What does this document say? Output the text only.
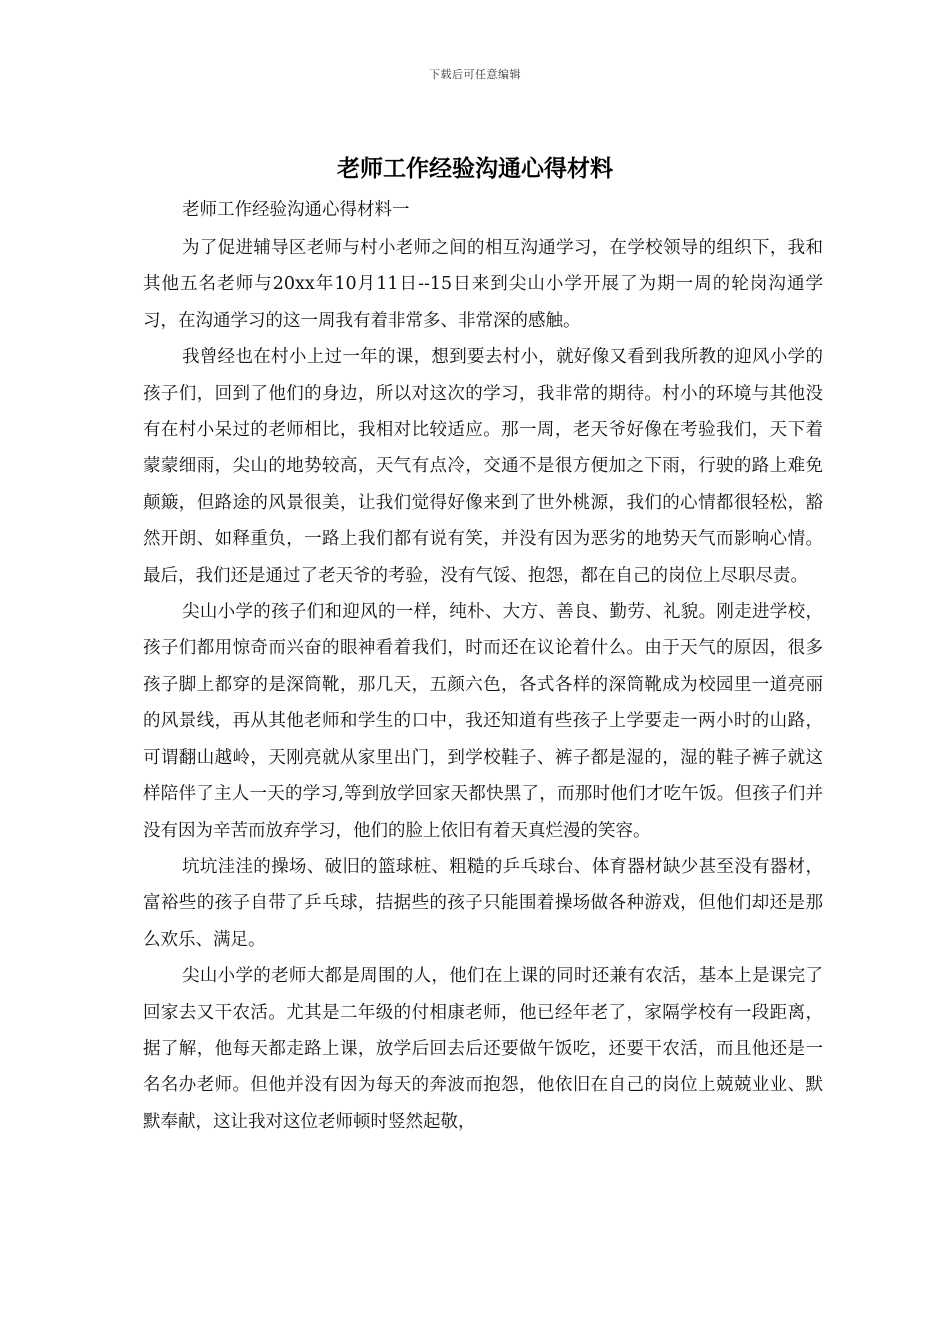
下载后可任意编辑
老师工作经验沟通心得材料
老师工作经验沟通心得材料一

为了促进辅导区老师与村小老师之间的相互沟通学习，在学校领导的组织下，我和其他五名老师与20xx年10月11日--15日来到尖山小学开展了为期一周的轮岗沟通学习，在沟通学习的这一周我有着非常多、非常深的感触。

我曾经也在村小上过一年的课，想到要去村小，就好像又看到我所教的迎风小学的孩子们，回到了他们的身边，所以对这次的学习，我非常的期待。村小的环境与其他没有在村小呆过的老师相比，我相对比较适应。那一周，老天爷好像在考验我们，天下着蒙蒙细雨，尖山的地势较高，天气有点冷，交通不是很方便加之下雨，行驶的路上难免颠簸，但路途的风景很美，让我们觉得好像来到了世外桃源，我们的心情都很轻松，豁然开朗、如释重负，一路上我们都有说有笑，并没有因为恶劣的地势天气而影响心情。最后，我们还是通过了老天爷的考验，没有气馁、抱怨，都在自己的岗位上尽职尽责。

尖山小学的孩子们和迎风的一样，纯朴、大方、善良、勤劳、礼貌。刚走进学校，孩子们都用惊奇而兴奋的眼神看着我们，时而还在议论着什么。由于天气的原因，很多孩子脚上都穿的是深筒靴，那几天，五颜六色，各式各样的深筒靴成为校园里一道亮丽的风景线，再从其他老师和学生的口中，我还知道有些孩子上学要走一两小时的山路，可谓翻山越岭，天刚亮就从家里出门，到学校鞋子、裤子都是湿的，湿的鞋子裤子就这样陪伴了主人一天的学习,等到放学回家天都快黑了，而那时他们才吃午饭。但孩子们并没有因为辛苦而放弃学习，他们的脸上依旧有着天真烂漫的笑容。

坑坑洼洼的操场、破旧的篮球桩、粗糙的乒乓球台、体育器材缺少甚至没有器材，富裕些的孩子自带了乒乓球，拮据些的孩子只能围着操场做各种游戏，但他们却还是那么欢乐、满足。

尖山小学的老师大都是周围的人，他们在上课的同时还兼有农活，基本上是课完了回家去又干农活。尤其是二年级的付相康老师，他已经年老了，家隔学校有一段距离，据了解，他每天都走路上课，放学后回去后还要做午饭吃，还要干农活，而且他还是一名名办老师。但他并没有因为每天的奔波而抱怨，他依旧在自己的岗位上兢兢业业、默默奉献，这让我对这位老师顿时竖然起敬，
